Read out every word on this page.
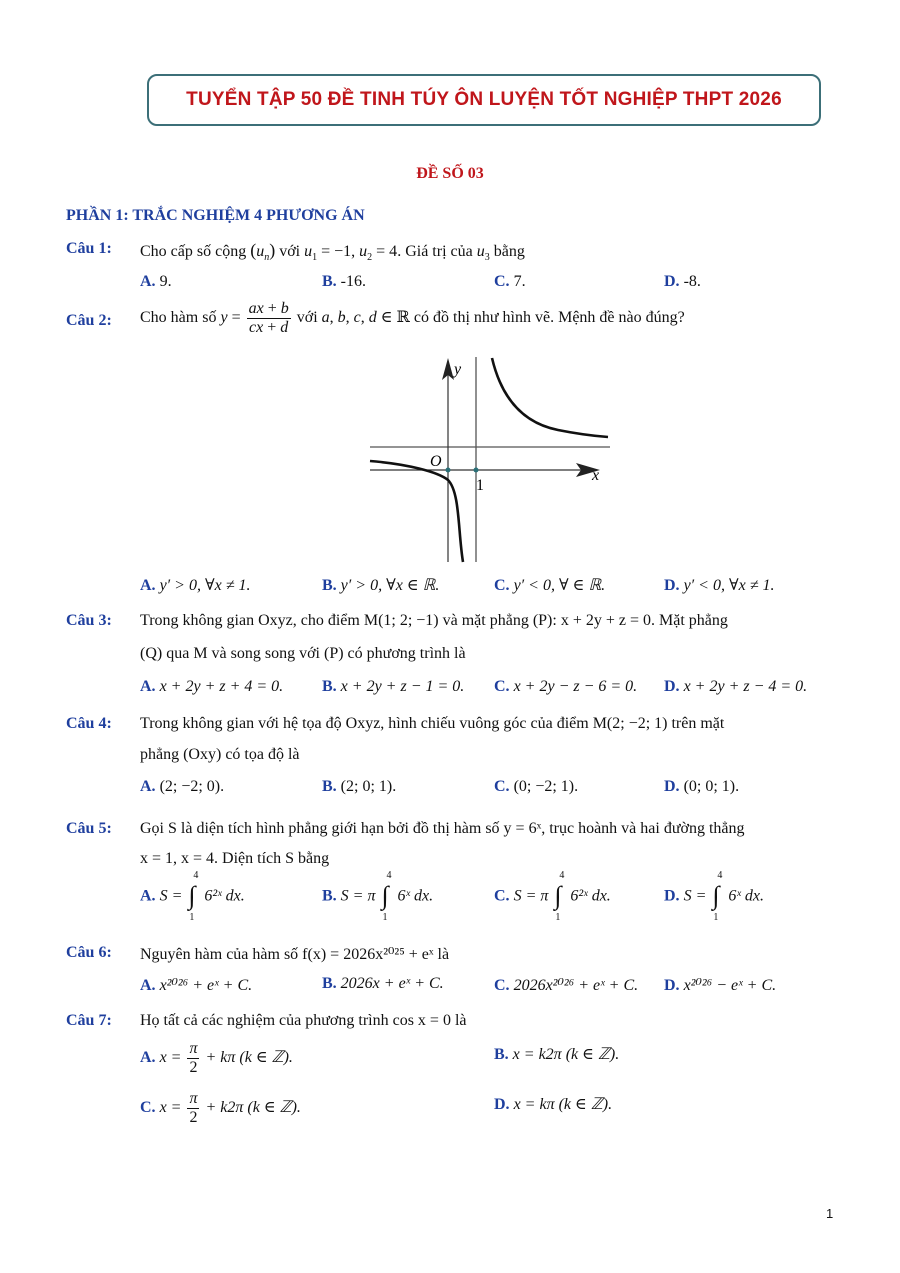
TUYỂN TẬP 50 ĐỀ TINH TÚY ÔN LUYỆN TỐT NGHIỆP THPT 2026
ĐỀ SỐ 03
PHẦN 1: TRẮC NGHIỆM 4 PHƯƠNG ÁN
Câu 1: Cho cấp số cộng $(u_n)$ với $u_1 = -1$, $u_2 = 4$. Giá trị của $u_3$ bằng
A. 9.	B. -16.	C. 7.	D. -8.
Câu 2: Cho hàm số $y = \frac{ax + b}{cx + d}$ với a, b, c, d ∈ ℝ có đồ thị như hình vẽ. Mệnh đề nào đúng?
y
x
O
1
A. y′ > 0, ∀x ≠ 1.	B. y′ > 0, ∀x ∈ ℝ.	C. y′ < 0, ∀ ∈ ℝ.	D. y′ < 0, ∀x ≠ 1.
Câu 3: Trong không gian Oxyz, cho điểm M(1; 2; −1) và mặt phẳng (P): x + 2y + z = 0. Mặt phẳng
(Q) qua M và song song với (P) có phương trình là
A. x + 2y + z + 4 = 0. B. x + 2y + z − 1 = 0. C. x + 2y − z − 6 = 0. D. x + 2y + z − 4 = 0.
Câu 4: Trong không gian với hệ tọa độ Oxyz, hình chiếu vuông góc của điểm M(2; −2; 1) trên mặt
phẳng (Oxy) có tọa độ là
A. (2; −2; 0).	B. (2; 0; 1).	C. (0; −2; 1).	D. (0; 0; 1).
Câu 5: Gọi S là diện tích hình phẳng giới hạn bởi đồ thị hàm số y = 6ˣ, trục hoành và hai đường thẳng
x = 1, x = 4. Diện tích S bằng
A. S =
4
∫
1
6²ˣ dx.	B. S = π
4
∫
1
6ˣ dx.	C. S = π
4
∫
1
6²ˣ dx.	D. S =
4
∫
1
6ˣ dx.
Câu 6: Nguyên hàm của hàm số f(x) = 2026x²⁰²⁵ + eˣ là
A. x²⁰²⁶ + eˣ + C.	B. 2026x + eˣ + C.	C. 2026x²⁰²⁶ + eˣ + C. D. x²⁰²⁶ − eˣ + C.
Câu 7: Họ tất cả các nghiệm của phương trình cos x = 0 là
A. $x = \frac{\pi}{2} + k\pi$ (k ∈ ℤ).	B. x = k2π (k ∈ ℤ).
C. $x = \frac{\pi}{2} + k2\pi$ (k ∈ ℤ).	D. x = kπ (k ∈ ℤ).
1
